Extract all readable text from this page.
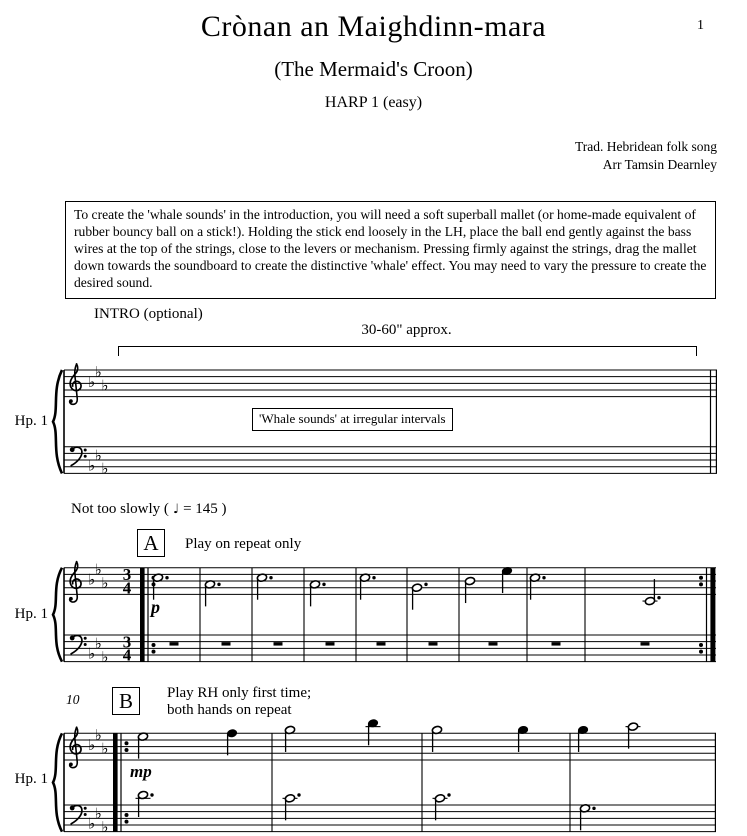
♭
♭
♭
♭
♭
♭
♭
♭
♭
♭
♭
♭
3
4
3
4
♭
♭
♭
♭
♭
♭
1
Crònan an Maighdinn-mara
(The Mermaid's Croon)
HARP 1 (easy)
Trad. Hebridean folk song
Arr Tamsin Dearnley
To create the 'whale sounds' in the introduction, you will need a soft superball mallet (or home-made equivalent of rubber bouncy ball on a stick!). Holding the stick end loosely in the LH, place the ball end gently against the bass wires at the top of the strings, close to the levers or mechanism. Pressing firmly against the strings, drag the mallet down towards the soundboard to create the distinctive 'whale' effect. You may need to vary the pressure to create the desired sound.
INTRO (optional)
30-60" approx.
Hp. 1
Hp. 1
Hp. 1
'Whale sounds' at irregular intervals
Not too slowly ( ♩ = 145 )
A	Play on repeat only
10	B	Play RH only first time;
both hands on repeat
p
mp
